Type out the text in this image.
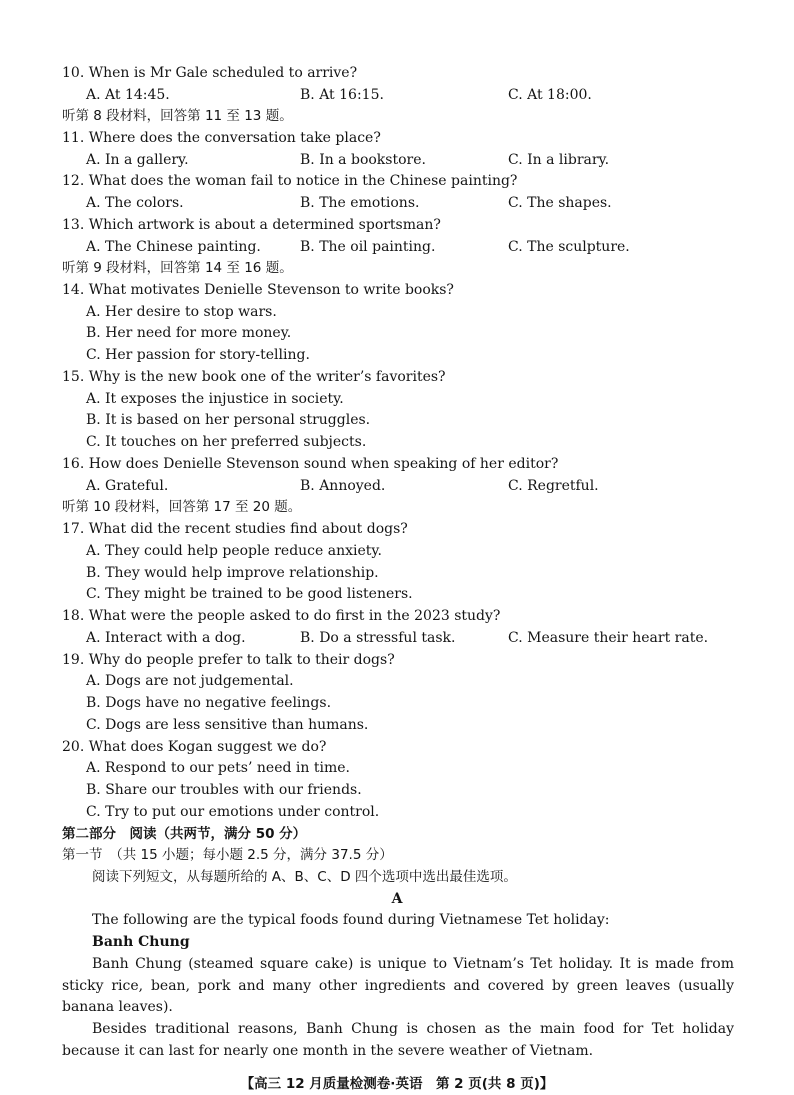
10. When is Mr Gale scheduled to arrive?
A. At 14:45.	B. At 16:15.	C. At 18:00.
听第 8 段材料，回答第 11 至 13 题。
11. Where does the conversation take place?
A. In a gallery.	B. In a bookstore.	C. In a library.
12. What does the woman fail to notice in the Chinese painting?
A. The colors.	B. The emotions.	C. The shapes.
13. Which artwork is about a determined sportsman?
A. The Chinese painting.	B. The oil painting.	C. The sculpture.
听第 9 段材料，回答第 14 至 16 题。
14. What motivates Denielle Stevenson to write books?
A. Her desire to stop wars.
B. Her need for more money.
C. Her passion for story-telling.
15. Why is the new book one of the writer’s favorites?
A. It exposes the injustice in society.
B. It is based on her personal struggles.
C. It touches on her preferred subjects.
16. How does Denielle Stevenson sound when speaking of her editor?
A. Grateful.	B. Annoyed.	C. Regretful.
听第 10 段材料，回答第 17 至 20 题。
17. What did the recent studies find about dogs?
A. They could help people reduce anxiety.
B. They would help improve relationship.
C. They might be trained to be good listeners.
18. What were the people asked to do first in the 2023 study?
A. Interact with a dog.	B. Do a stressful task.	C. Measure their heart rate.
19. Why do people prefer to talk to their dogs?
A. Dogs are not judgemental.
B. Dogs have no negative feelings.
C. Dogs are less sensitive than humans.
20. What does Kogan suggest we do?
A. Respond to our pets’ need in time.
B. Share our troubles with our friends.
C. Try to put our emotions under control.
第二部分　阅读（共两节，满分 50 分）
第一节　（共 15 小题；每小题 2.5 分，满分 37.5 分）
阅读下列短文，从每题所给的 A、B、C、D 四个选项中选出最佳选项。
A
The following are the typical foods found during Vietnamese Tet holiday:
Banh Chung
Banh Chung (steamed square cake) is unique to Vietnam’s Tet holiday. It is made from sticky rice, bean, pork and many other ingredients and covered by green leaves (usually banana leaves).
Besides traditional reasons, Banh Chung is chosen as the main food for Tet holiday because it can last for nearly one month in the severe weather of Vietnam.
【高三 12 月质量检测卷·英语　第 2 页(共 8 页)】
